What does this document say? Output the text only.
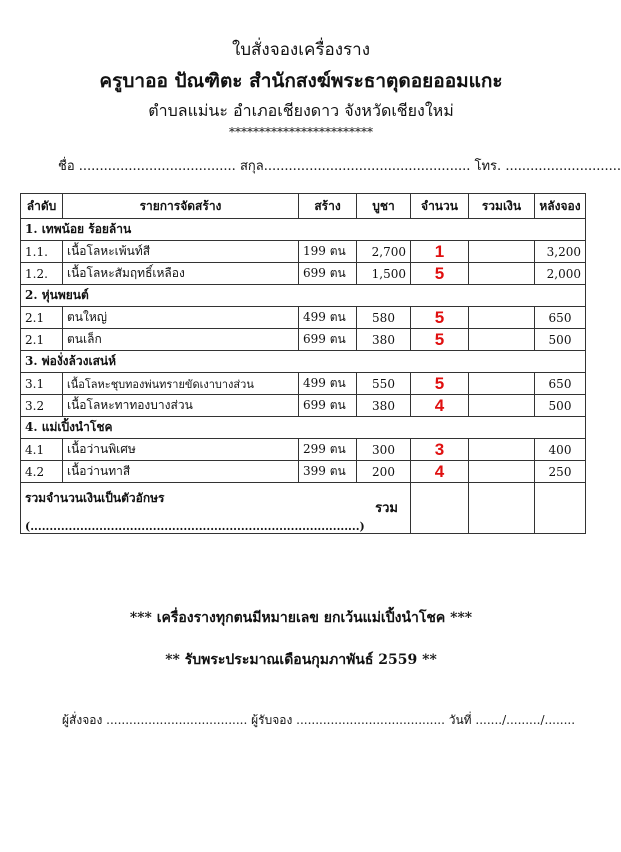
ใบสั่งจองเครื่องราง
ครูบาออ ปัณฑิตะ สำนักสงฆ์พระธาตุดอยออมแกะ
ตำบลแม่นะ อำเภอเชียงดาว จังหวัดเชียงใหม่
************************
ชื่อ ...................................... สกุล.................................................. โทร. ............................
ลำดับ	รายการจัดสร้าง	สร้าง	บูชา	จำนวน	รวมเงิน	หลังจอง
1. เทพน้อย ร้อยล้าน						
1.1.	เนื้อโลหะเพ้นท์สี	199 ตน	2,700	1		3,200
1.2.	เนื้อโลหะสัมฤทธิ์เหลือง	699 ตน	1,500	5		2,000
2. หุ่นพยนต์						
2.1	ตนใหญ่	499 ตน	580	5		650
2.1	ตนเล็ก	699 ตน	380	5		500
3. พ่องั่งล้วงเสน่ห์						
3.1	เนื้อโลหะชุบทองพ่นทรายขัดเงาบางส่วน	499 ตน	550	5		650
3.2	เนื้อโลหะทาทองบางส่วน	699 ตน	380	4		500
4. แม่เปิ้งนำโชค						
4.1	เนื้อว่านพิเศษ	299 ตน	300	3		400
4.2	เนื้อว่านทาสี	399 ตน	200	4		250
รวมจำนวนเงินเป็นตัวอักษร
(......................................................................................)
รวม						

*** เครื่องรางทุกตนมีหมายเลข ยกเว้นแม่เปิ้งนำโชค ***
** รับพระประมาณเดือนกุมภาพันธ์ 2559 **
ผู้สั่งจอง ..................................... ผู้รับจอง ....................................... วันที่ ......./........./........
